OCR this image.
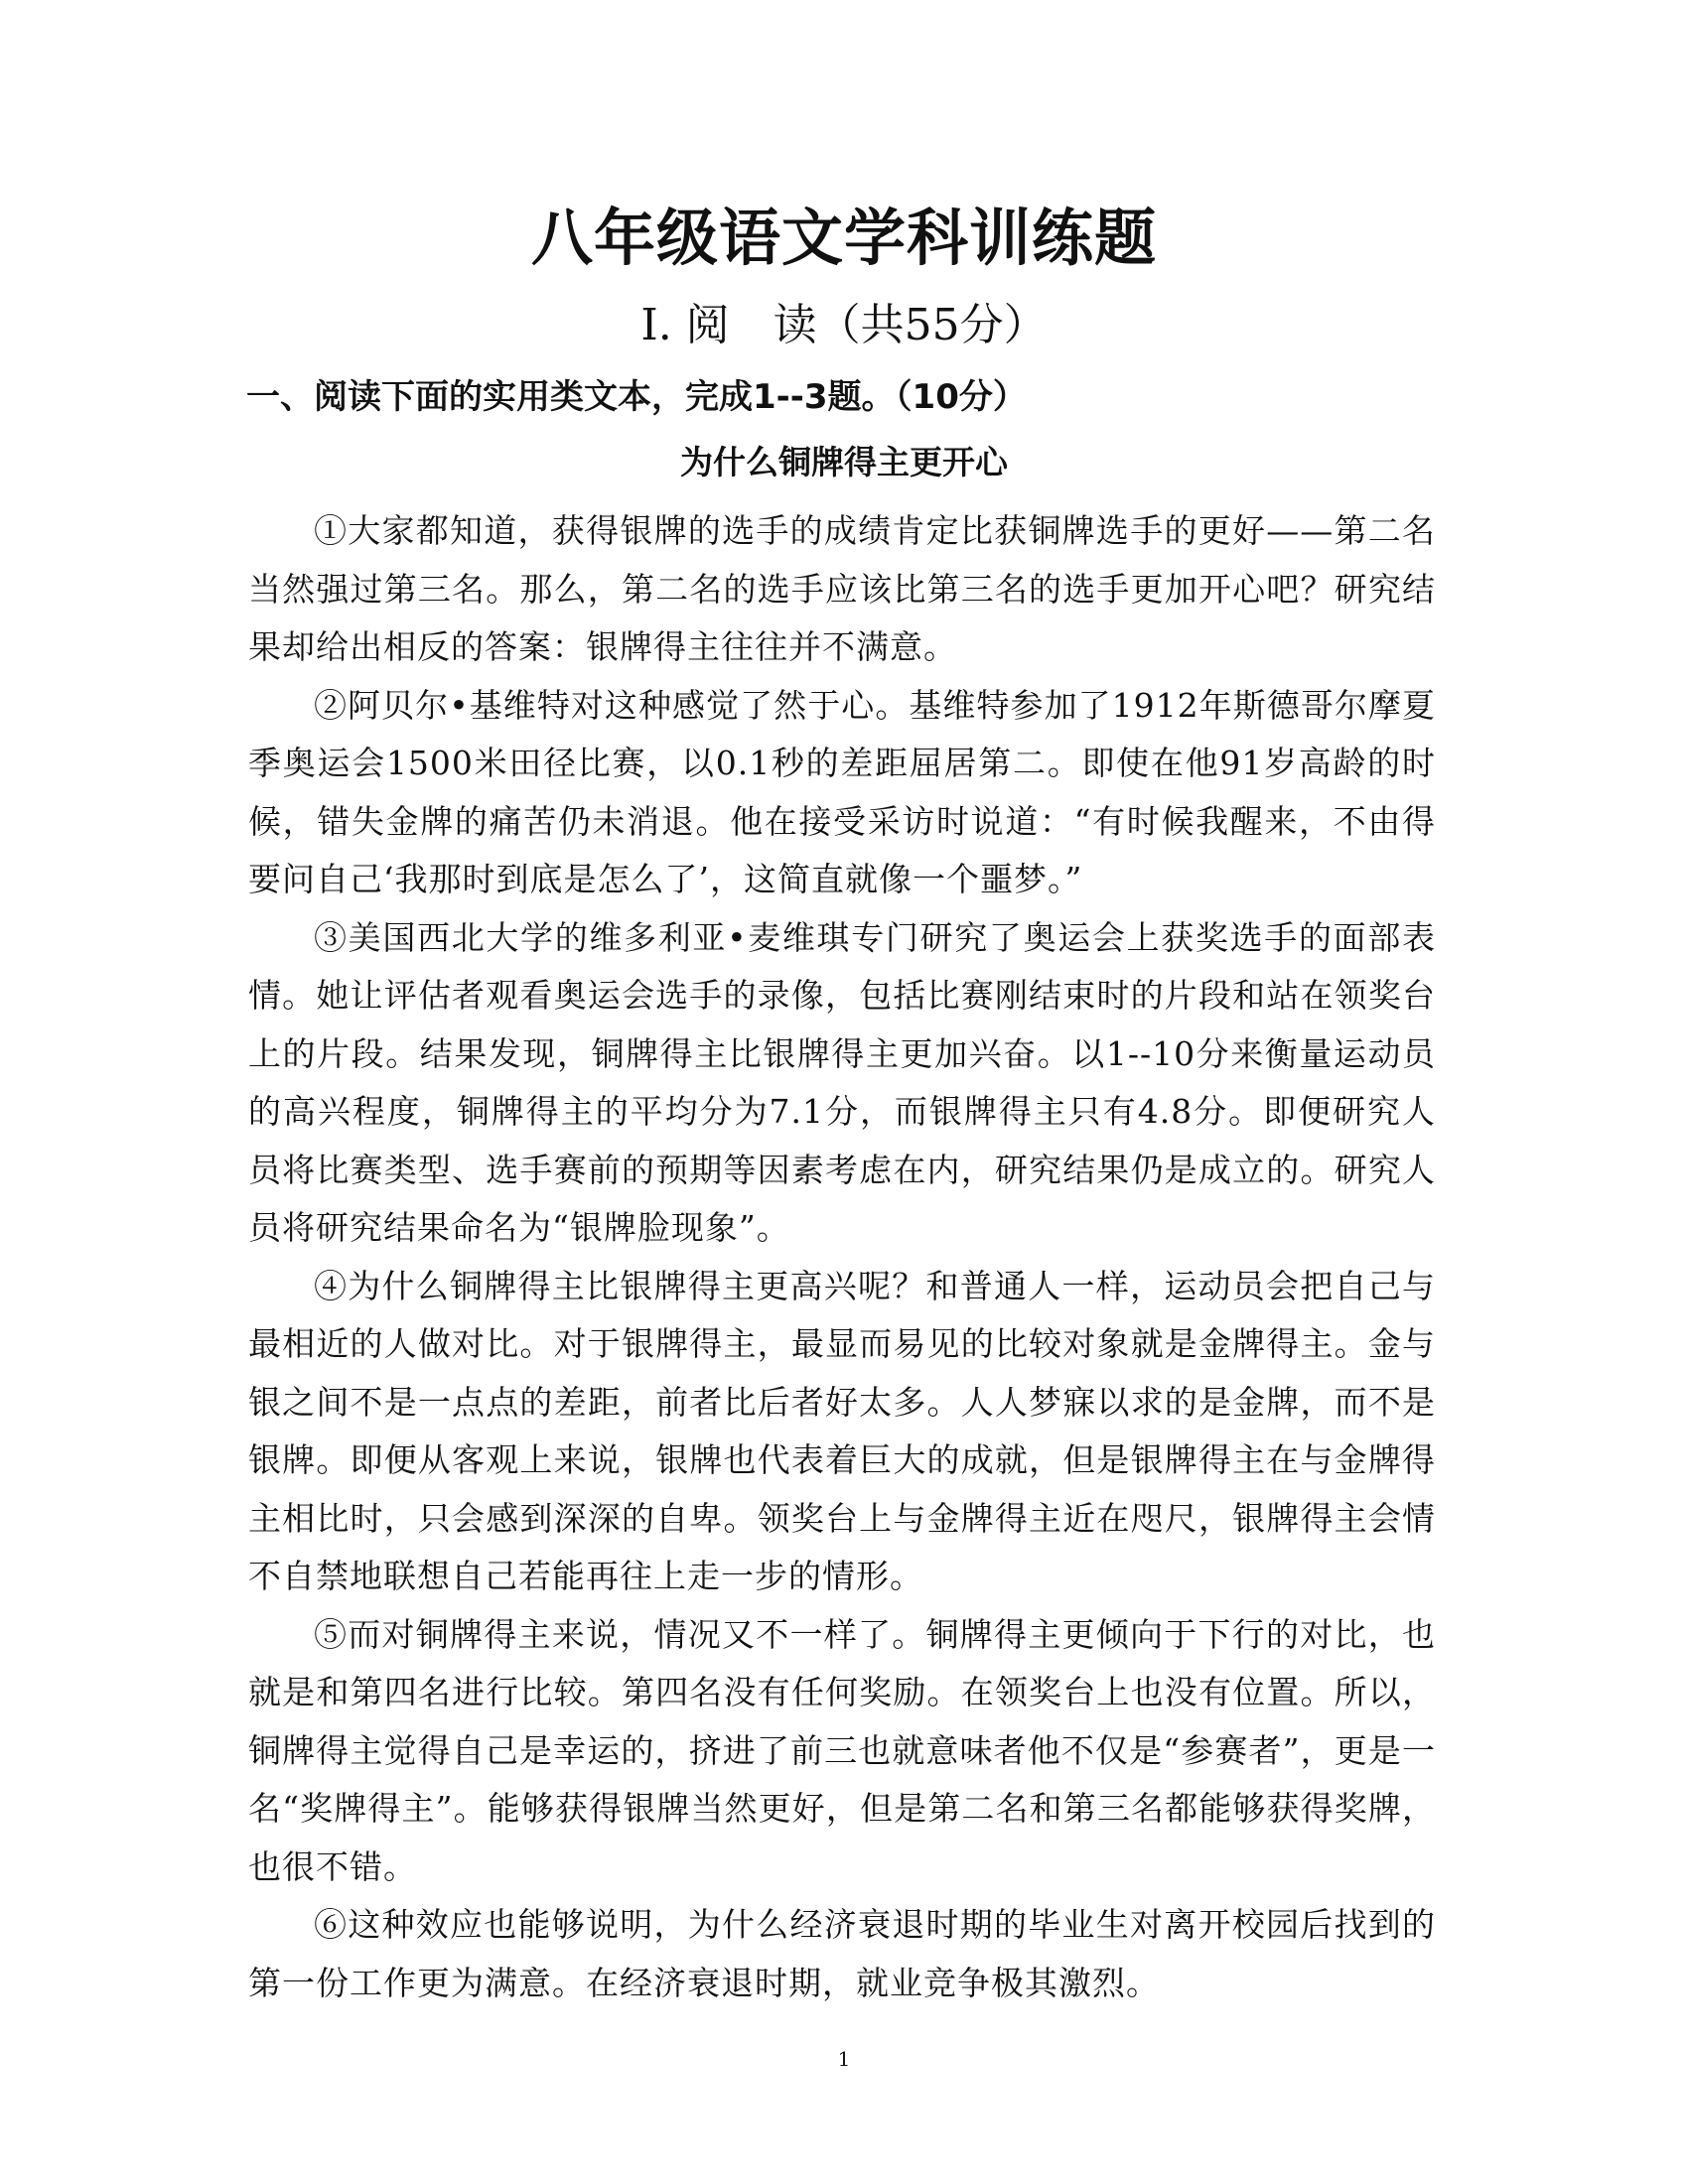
八年级语文学科训练题
Ⅰ. 阅　读（共55分）
一、阅读下面的实用类文本，完成1--3题。（10分）
为什么铜牌得主更开心

①大家都知道，获得银牌的选手的成绩肯定比获铜牌选手的更好——第二名当然强过第三名。那么，第二名的选手应该比第三名的选手更加开心吧？研究结果却给出相反的答案：银牌得主往往并不满意。

②阿贝尔•基维特对这种感觉了然于心。基维特参加了1912年斯德哥尔摩夏季奥运会1500米田径比赛，以0.1秒的差距屈居第二。即使在他91岁高龄的时候，错失金牌的痛苦仍未消退。他在接受采访时说道：“有时候我醒来，不由得要问自己‘我那时到底是怎么了’，这简直就像一个噩梦。”

③美国西北大学的维多利亚•麦维琪专门研究了奥运会上获奖选手的面部表情。她让评估者观看奥运会选手的录像，包括比赛刚结束时的片段和站在领奖台上的片段。结果发现，铜牌得主比银牌得主更加兴奋。以1--10分来衡量运动员的高兴程度，铜牌得主的平均分为7.1分，而银牌得主只有4.8分。即便研究人员将比赛类型、选手赛前的预期等因素考虑在内，研究结果仍是成立的。研究人员将研究结果命名为“银牌脸现象”。

④为什么铜牌得主比银牌得主更高兴呢？和普通人一样，运动员会把自己与最相近的人做对比。对于银牌得主，最显而易见的比较对象就是金牌得主。金与银之间不是一点点的差距，前者比后者好太多。人人梦寐以求的是金牌，而不是银牌。即便从客观上来说，银牌也代表着巨大的成就，但是银牌得主在与金牌得主相比时，只会感到深深的自卑。领奖台上与金牌得主近在咫尺，银牌得主会情不自禁地联想自己若能再往上走一步的情形。

⑤而对铜牌得主来说，情况又不一样了。铜牌得主更倾向于下行的对比，也就是和第四名进行比较。第四名没有任何奖励。在领奖台上也没有位置。所以，铜牌得主觉得自己是幸运的，挤进了前三也就意味者他不仅是“参赛者”，更是一名“奖牌得主”。能够获得银牌当然更好，但是第二名和第三名都能够获得奖牌，也很不错。

⑥这种效应也能够说明，为什么经济衰退时期的毕业生对离开校园后找到的第一份工作更为满意。在经济衰退时期，就业竞争极其激烈。

1
